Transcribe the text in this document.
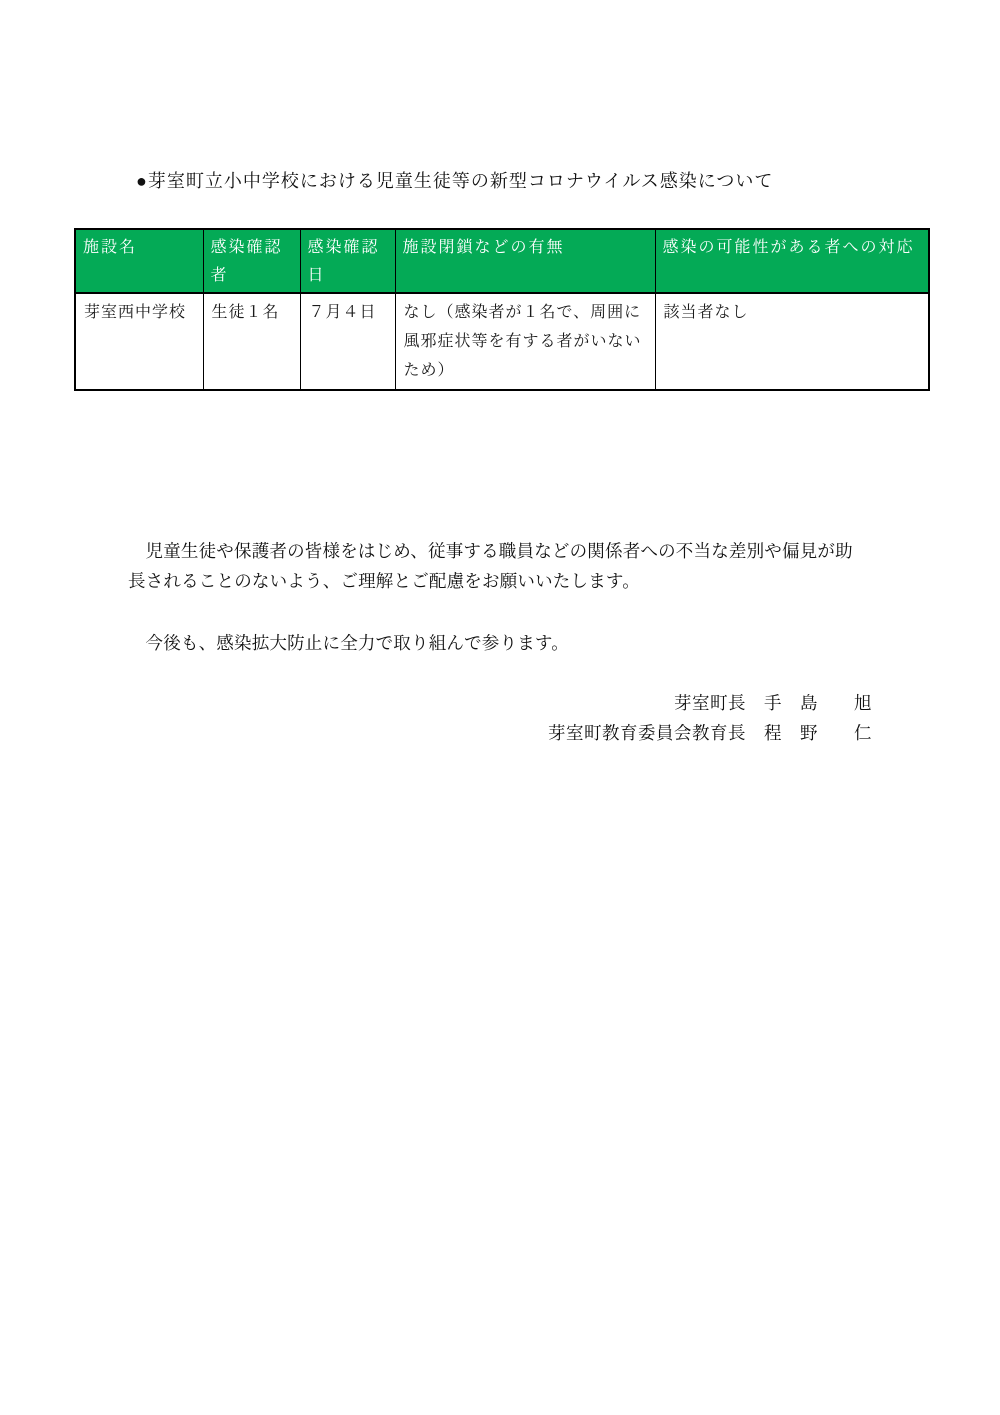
●芽室町立小中学校における児童生徒等の新型コロナウイルス感染について
施設名	感染確認者	感染確認日	施設閉鎖などの有無	感染の可能性がある者への対応
芽室西中学校	生徒１名	７月４日	なし（感染者が１名で、周囲に風邪症状等を有する者がいないため）	該当者なし

児童生徒や保護者の皆様をはじめ、従事する職員などの関係者への不当な差別や偏見が助長されることのないよう、ご理解とご配慮をお願いいたします。

今後も、感染拡大防止に全力で取り組んで参ります。

芽室町長　手　島　　旭
芽室町教育委員会教育長　程　野　　仁
